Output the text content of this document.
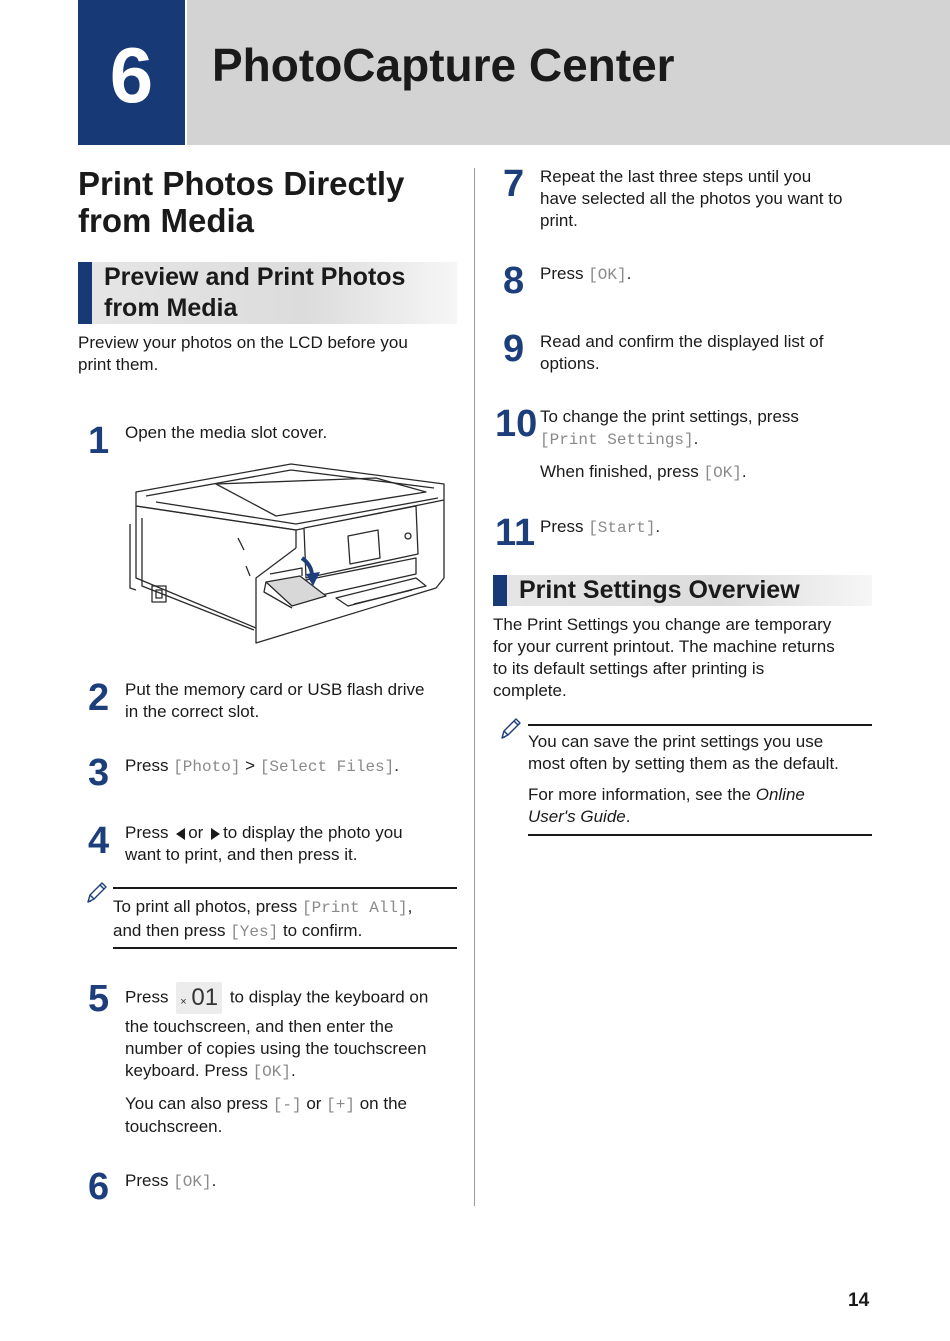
6	PhotoCapture Center
Print Photos Directly
from Media
Preview and Print Photos
from Media
Preview your photos on the LCD before you
print them.
1 Open the media slot cover.
2 Put the memory card or USB flash drive
in the correct slot.
3 Press [Photo] > [Select Files].
4 Press or to display the photo you
want to print, and then press it.
To print all photos, press [Print All],
and then press [Yes] to confirm.
5 Press × 01 to display the keyboard on
the touchscreen, and then enter the
number of copies using the touchscreen
keyboard. Press [OK].
You can also press [-] or [+] on the
touchscreen.
6 Press [OK].
7 Repeat the last three steps until you
have selected all the photos you want to
print.
8 Press [OK].
9 Read and confirm the displayed list of
options.
10 To change the print settings, press
[Print Settings].
When finished, press [OK].
11 Press [Start].
Print Settings Overview
The Print Settings you change are temporary
for your current printout. The machine returns
to its default settings after printing is
complete.
You can save the print settings you use
most often by setting them as the default.
For more information, see the Online
User's Guide.
14
